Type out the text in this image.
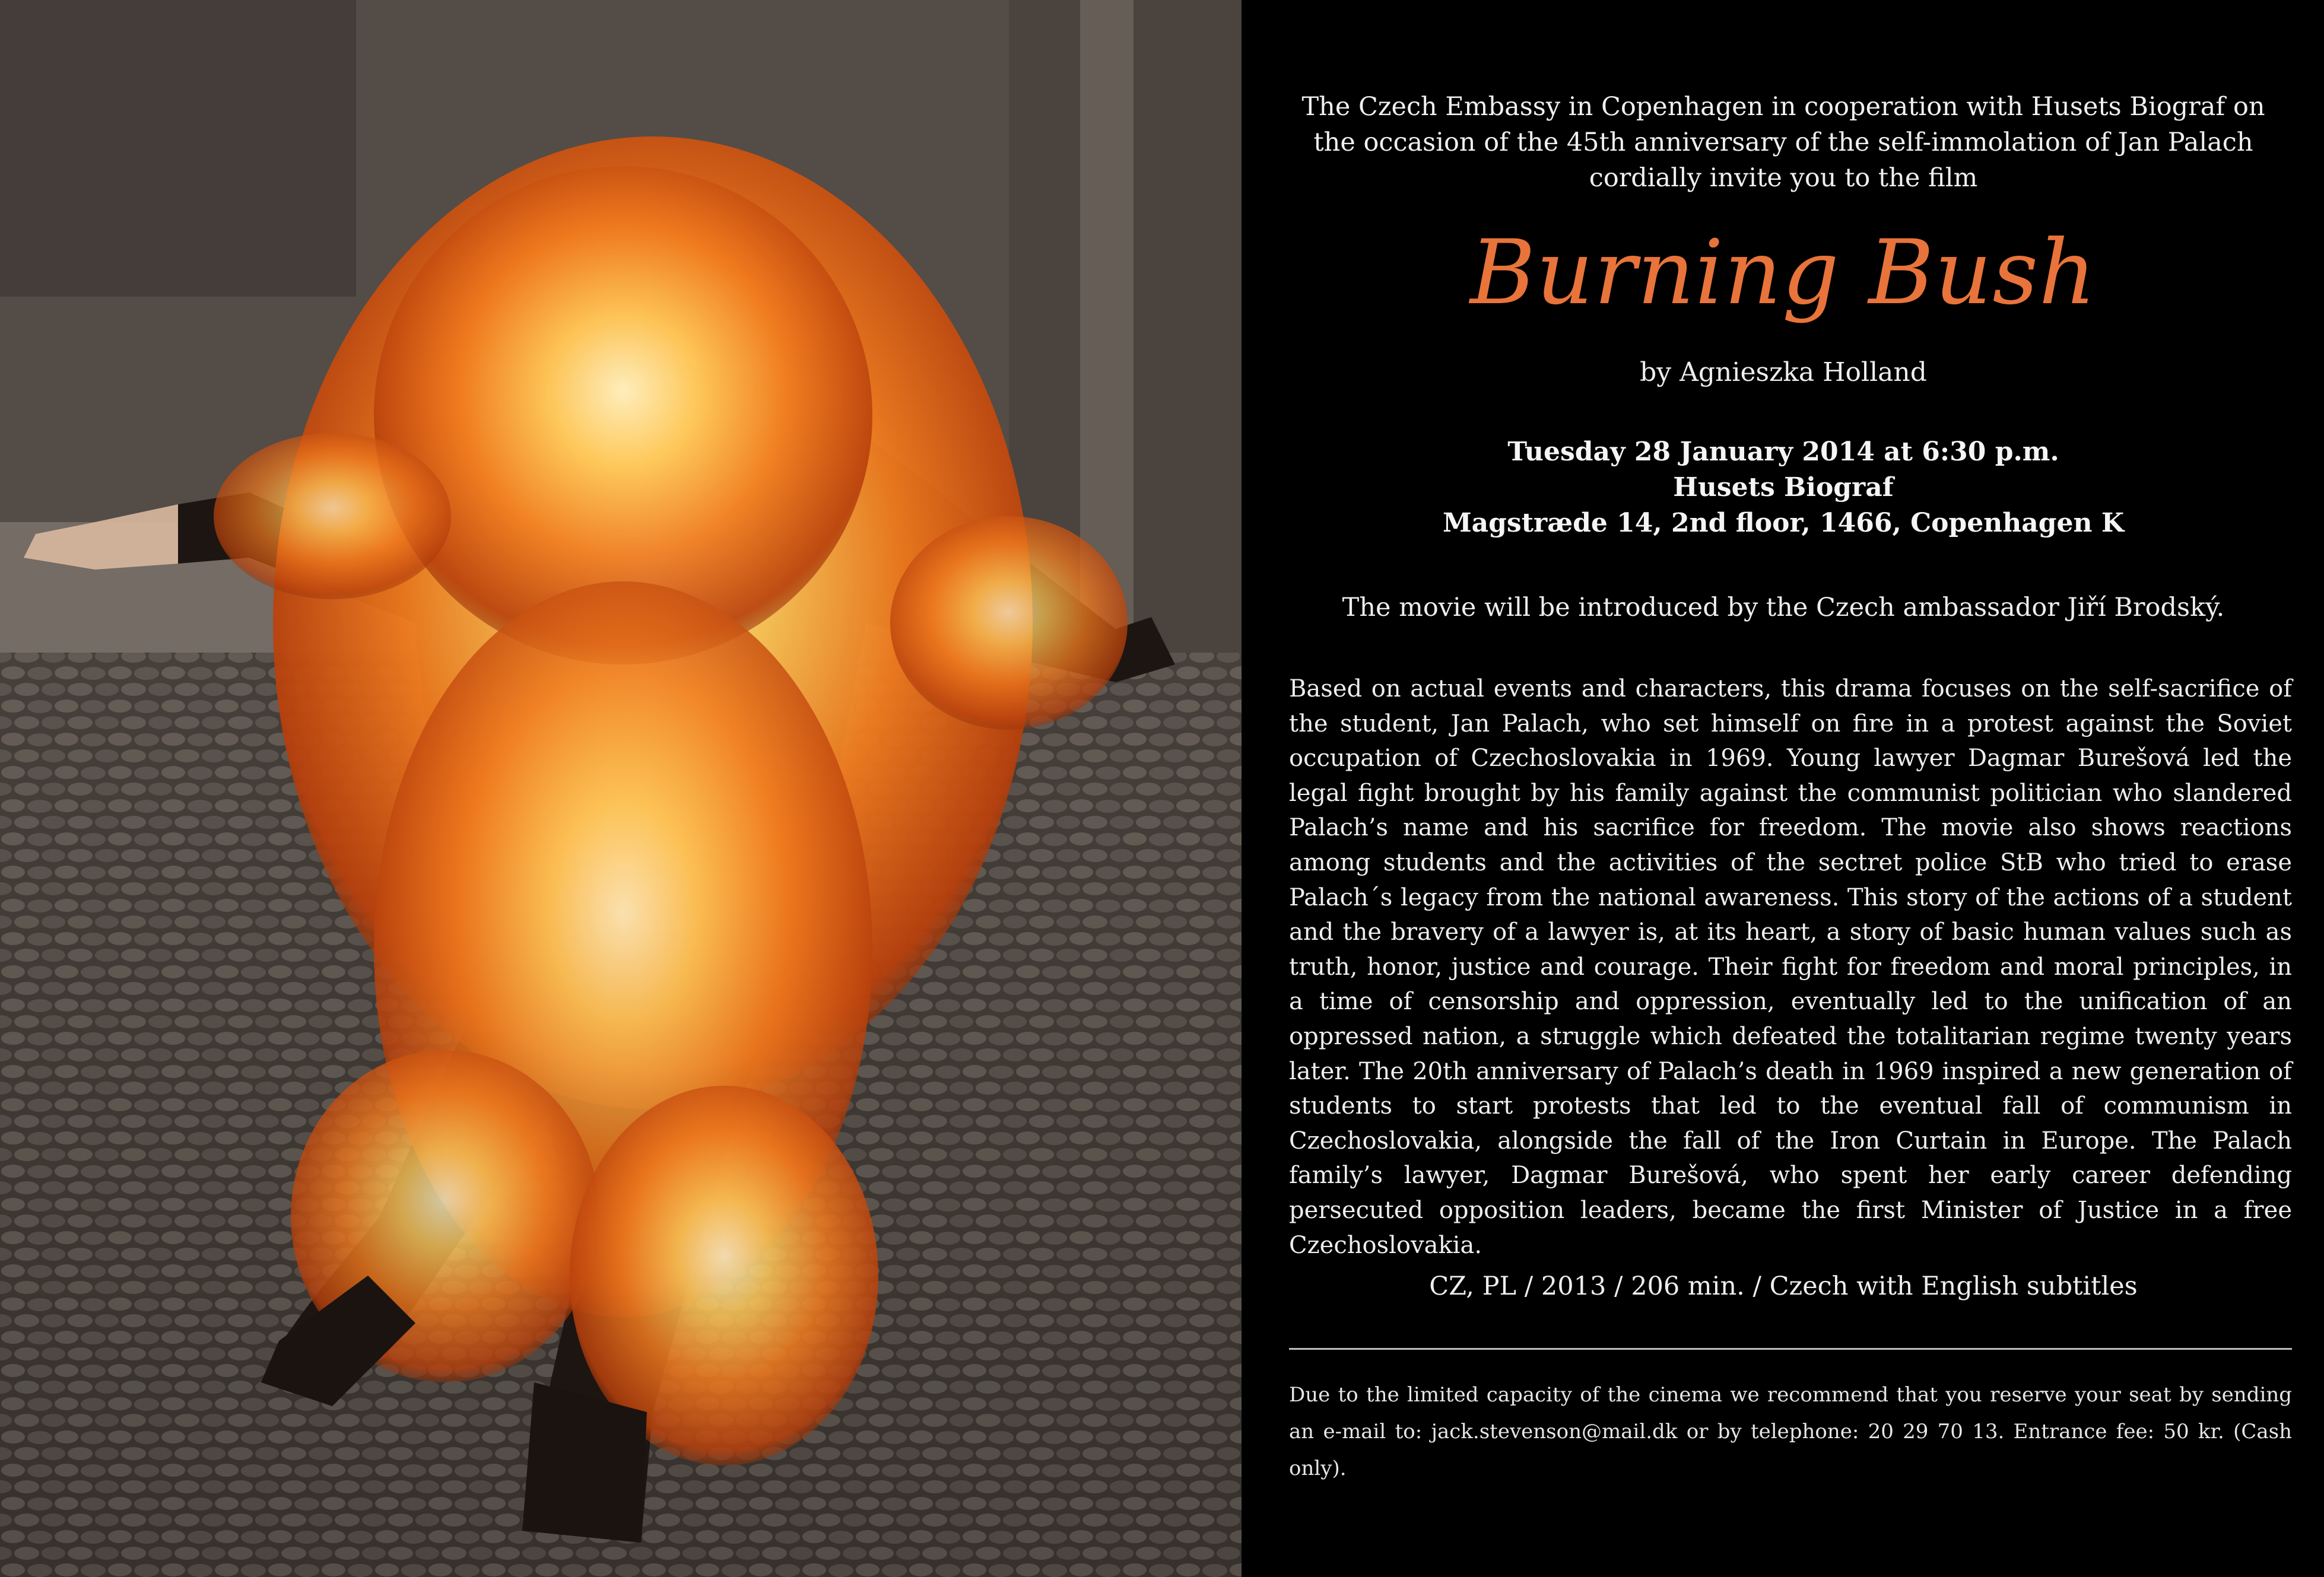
The Czech Embassy in Copenhagen in cooperation with Husets Biograf on the occasion of the 45th anniversary of the self-immolation of Jan Palach cordially invite you to the film
Burning Bush
by Agnieszka Holland
Tuesday 28 January 2014 at 6:30 p.m.
Husets Biograf
Magstræde 14, 2nd floor, 1466, Copenhagen K
The movie will be introduced by the Czech ambassador Jiří Brodský.
Based on actual events and characters, this drama focuses on the self-sacrifice of the student, Jan Palach, who set himself on fire in a protest against the Soviet occupation of Czechoslovakia in 1969. Young lawyer Dagmar Burešová led the legal fight brought by his family against the communist politician who slandered Palach’s name and his sacrifice for freedom. The movie also shows reactions among students and the activities of the sectret police StB who tried to erase Palach´s legacy from the national awareness. This story of the actions of a student and the bravery of a lawyer is, at its heart, a story of basic human values such as truth, honor, justice and courage. Their fight for freedom and moral principles, in a time of censorship and oppression, eventually led to the unification of an oppressed nation, a struggle which defeated the totalitarian regime twenty years later. The 20th anniversary of Palach’s death in 1969 inspired a new generation of students to start protests that led to the eventual fall of communism in Czechoslovakia, alongside the fall of the Iron Curtain in Europe. The Palach family’s lawyer, Dagmar Burešová, who spent her early career defending persecuted opposition leaders, became the first Minister of Justice in a free Czechoslovakia.
CZ, PL / 2013 / 206 min. / Czech with English subtitles
Due to the limited capacity of the cinema we recommend that you reserve your seat by sending an e-mail to: jack.stevenson@mail.dk or by telephone: 20 29 70 13. Entrance fee: 50 kr. (Cash only).
